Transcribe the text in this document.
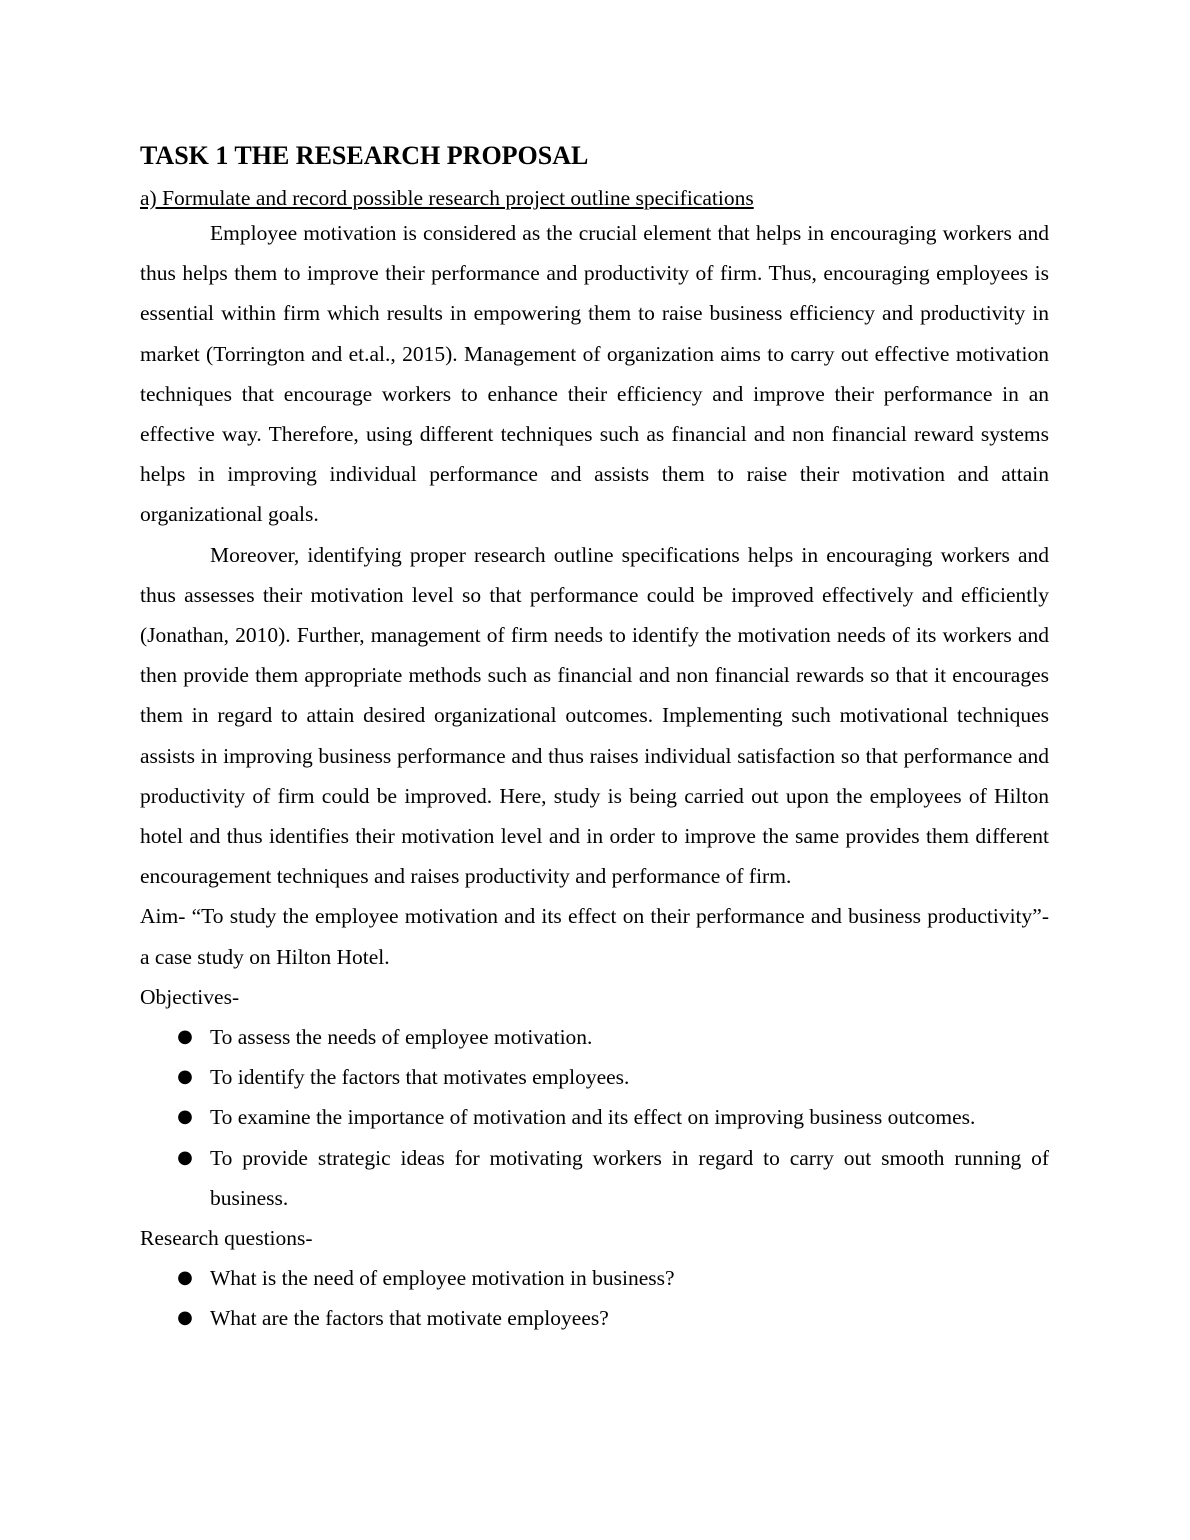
TASK 1 THE RESEARCH PROPOSAL

a) Formulate and record possible research project outline specifications

Employee motivation is considered as the crucial element that helps in encouraging workers and thus helps them to improve their performance and productivity of firm. Thus, encouraging employees is essential within firm which results in empowering them to raise business efficiency and productivity in market (Torrington and et.al., 2015). Management of organization aims to carry out effective motivation techniques that encourage workers to enhance their efficiency and improve their performance in an effective way. Therefore, using different techniques such as financial and non financial reward systems helps in improving individual performance and assists them to raise their motivation and attain organizational goals.

Moreover, identifying proper research outline specifications helps in encouraging workers and thus assesses their motivation level so that performance could be improved effectively and efficiently (Jonathan, 2010). Further, management of firm needs to identify the motivation needs of its workers and then provide them appropriate methods such as financial and non financial rewards so that it encourages them in regard to attain desired organizational outcomes. Implementing such motivational techniques assists in improving business performance and thus raises individual satisfaction so that performance and productivity of firm could be improved. Here, study is being carried out upon the employees of Hilton hotel and thus identifies their motivation level and in order to improve the same provides them different encouragement techniques and raises productivity and performance of firm.

Aim- “To study the employee motivation and its effect on their performance and business productivity”- a case study on Hilton Hotel.

Objectives-

● To assess the needs of employee motivation.
● To identify the factors that motivates employees.
● To examine the importance of motivation and its effect on improving business outcomes.
● To provide strategic ideas for motivating workers in regard to carry out smooth running of business.

Research questions-

● What is the need of employee motivation in business?
● What are the factors that motivate employees?
